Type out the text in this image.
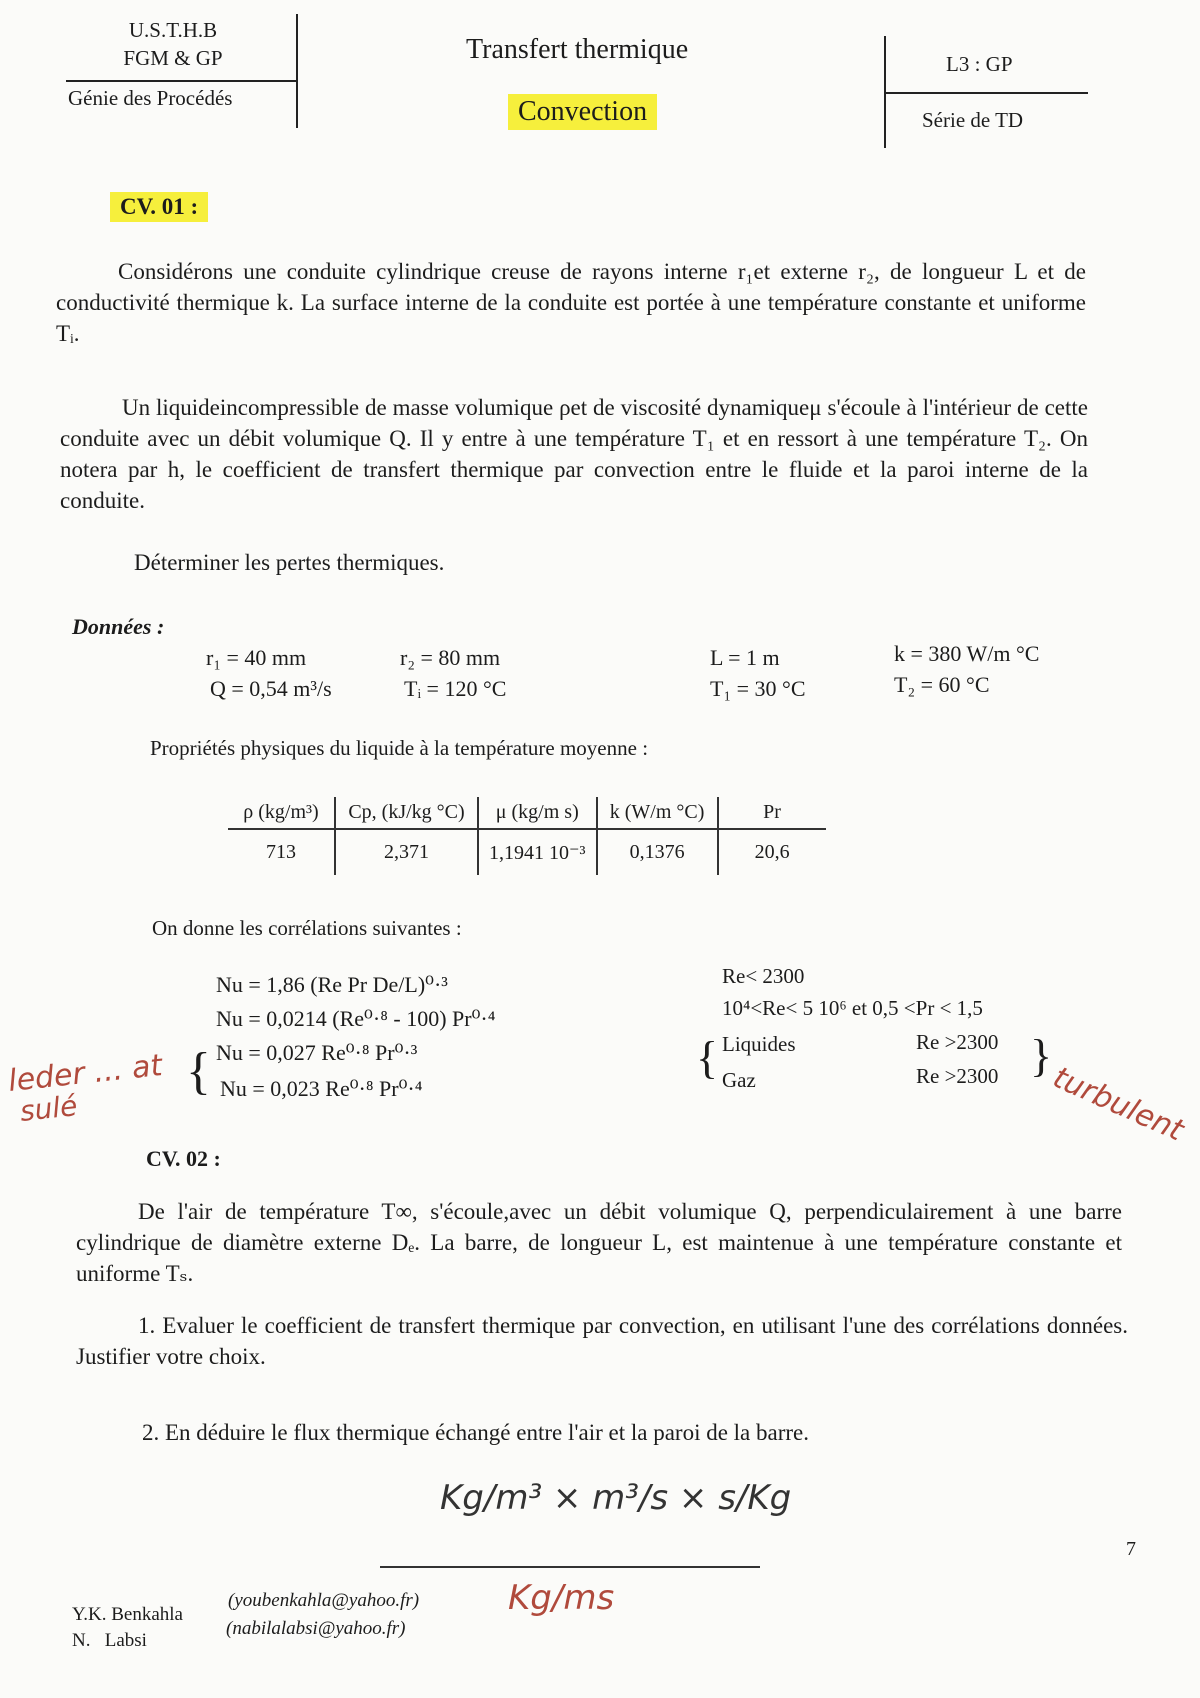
U.S.T.H.B
FGM & GP
Génie des Procédés
Transfert thermique
Convection
L3 : GP
Série de TD
CV. 01 :
Considérons une conduite cylindrique creuse de rayons interne r₁et externe r₂, de longueur L et de conductivité thermique k. La surface interne de la conduite est portée à une température constante et uniforme Tᵢ.
Un liquideincompressible de masse volumique ρet de viscosité dynamiqueμ s'écoule à l'intérieur de cette conduite avec un débit volumique Q. Il y entre à une température T₁ et en ressort à une température T₂. On notera par h, le coefficient de transfert thermique par convection entre le fluide et la paroi interne de la conduite.
Déterminer les pertes thermiques.
Données :
r₁ = 40 mm	r₂ = 80 mm	L = 1 m	k = 380 W/m °C
Q = 0,54 m³/s	Tᵢ = 120 °C	T₁ = 30 °C	T₂ = 60 °C
Propriétés physiques du liquide à la température moyenne :
ρ (kg/m³)	Cp, (kJ/kg °C)	μ (kg/m s)	k (W/m °C)	Pr
713	2,371	1,1941 10⁻³	0,1376	20,6
On donne les corrélations suivantes :
Nu = 1,86 (Re Pr De/L)⁰·³
Nu = 0,0214 (Re⁰·⁸ - 100) Pr⁰·⁴
Nu = 0,027 Re⁰·⁸ Pr⁰·³
Nu = 0,023 Re⁰·⁸ Pr⁰·⁴
{
Re< 2300
10⁴<Re< 5 10⁶ et 0,5 <Pr < 1,5
Liquides	Re >2300
Gaz	Re >2300
{	}
CV. 02 :
De l'air de température T∞, s'écoule,avec un débit volumique Q, perpendiculairement à une barre cylindrique de diamètre externe Dₑ. La barre, de longueur L, est maintenue à une température constante et uniforme Tₛ.
1. Evaluer le coefficient de transfert thermique par convection, en utilisant l'une des corrélations données. Justifier votre choix.
2. En déduire le flux thermique échangé entre l'air et la paroi de la barre.
7
Y.K. Benkahla
(youbenkahla@yahoo.fr)
N.   Labsi
(nabilalabsi@yahoo.fr)
leder ... at
sulé	turbulent
Kg/m³ × m³/s × s/Kg
Kg/ms
